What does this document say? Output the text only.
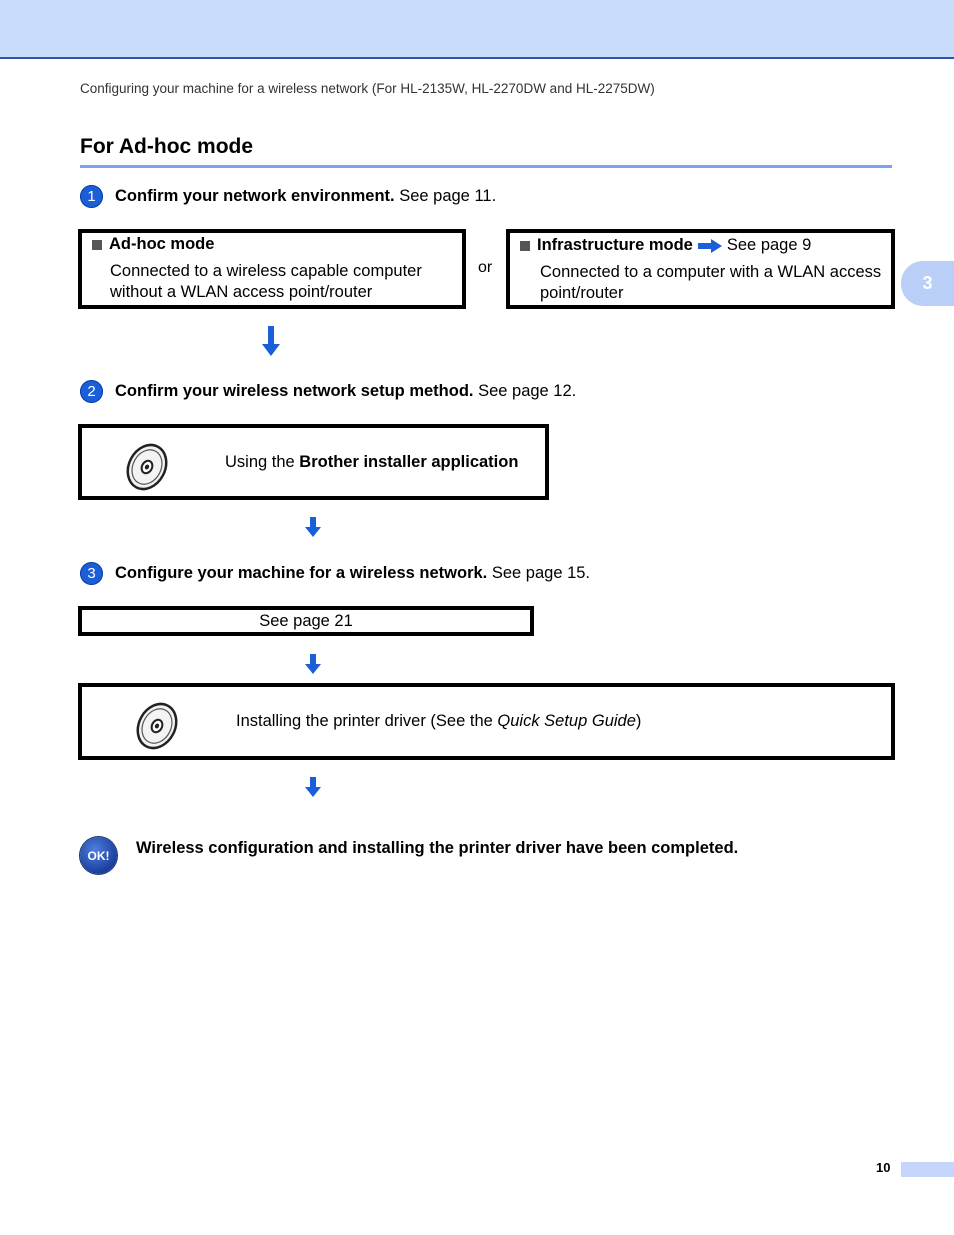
Configuring your machine for a wireless network (For HL-2135W, HL-2270DW and HL-2275DW)
For Ad-hoc mode
1	Confirm your network environment. See page 11.
Ad-hoc mode
Connected to a wireless capable computer
without a WLAN access point/router
or
Infrastructure mode See page 9
Connected to a computer with a WLAN access
point/router
2	Confirm your wireless network setup method. See page 12.
Using the Brother installer application
3	Configure your machine for a wireless network. See page 15.
See page 21
Installing the printer driver (See the Quick Setup Guide)
OK!	Wireless configuration and installing the printer driver have been completed.
3
10
